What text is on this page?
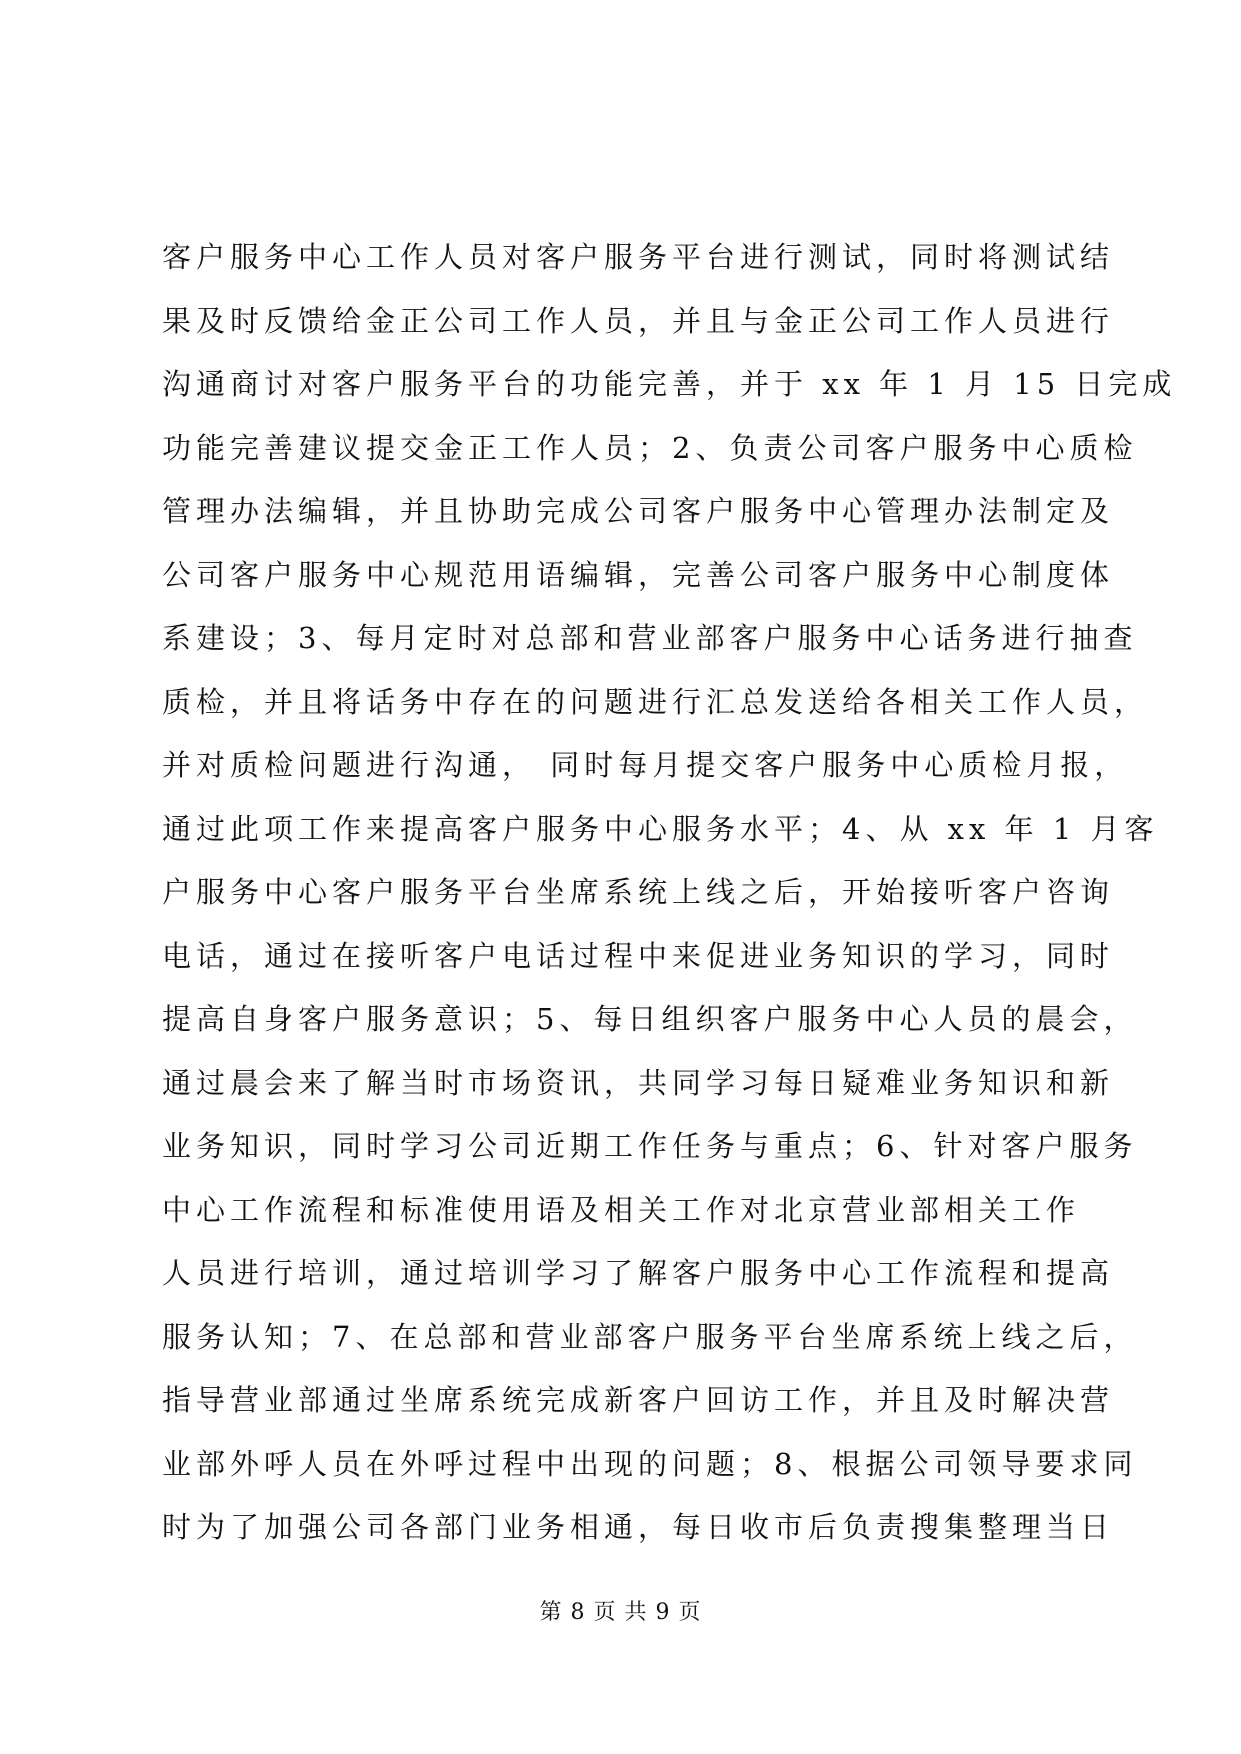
客户服务中心工作人员对客户服务平台进行测试，同时将测试结
果及时反馈给金正公司工作人员，并且与金正公司工作人员进行
沟通商讨对客户服务平台的功能完善，并于 xx 年 1 月 15 日完成
功能完善建议提交金正工作人员；2、负责公司客户服务中心质检
管理办法编辑，并且协助完成公司客户服务中心管理办法制定及
公司客户服务中心规范用语编辑，完善公司客户服务中心制度体
系建设；3、每月定时对总部和营业部客户服务中心话务进行抽查
质检，并且将话务中存在的问题进行汇总发送给各相关工作人员，
并对质检问题进行沟通， 同时每月提交客户服务中心质检月报，
通过此项工作来提高客户服务中心服务水平；4、从 xx 年 1 月客
户服务中心客户服务平台坐席系统上线之后，开始接听客户咨询
电话，通过在接听客户电话过程中来促进业务知识的学习，同时
提高自身客户服务意识；5、每日组织客户服务中心人员的晨会，
通过晨会来了解当时市场资讯，共同学习每日疑难业务知识和新
业务知识，同时学习公司近期工作任务与重点；6、针对客户服务
中心工作流程和标准使用语及相关工作对北京营业部相关工作
人员进行培训，通过培训学习了解客户服务中心工作流程和提高
服务认知；7、在总部和营业部客户服务平台坐席系统上线之后，
指导营业部通过坐席系统完成新客户回访工作，并且及时解决营
业部外呼人员在外呼过程中出现的问题；8、根据公司领导要求同
时为了加强公司各部门业务相通，每日收市后负责搜集整理当日
第 8 页 共 9 页
